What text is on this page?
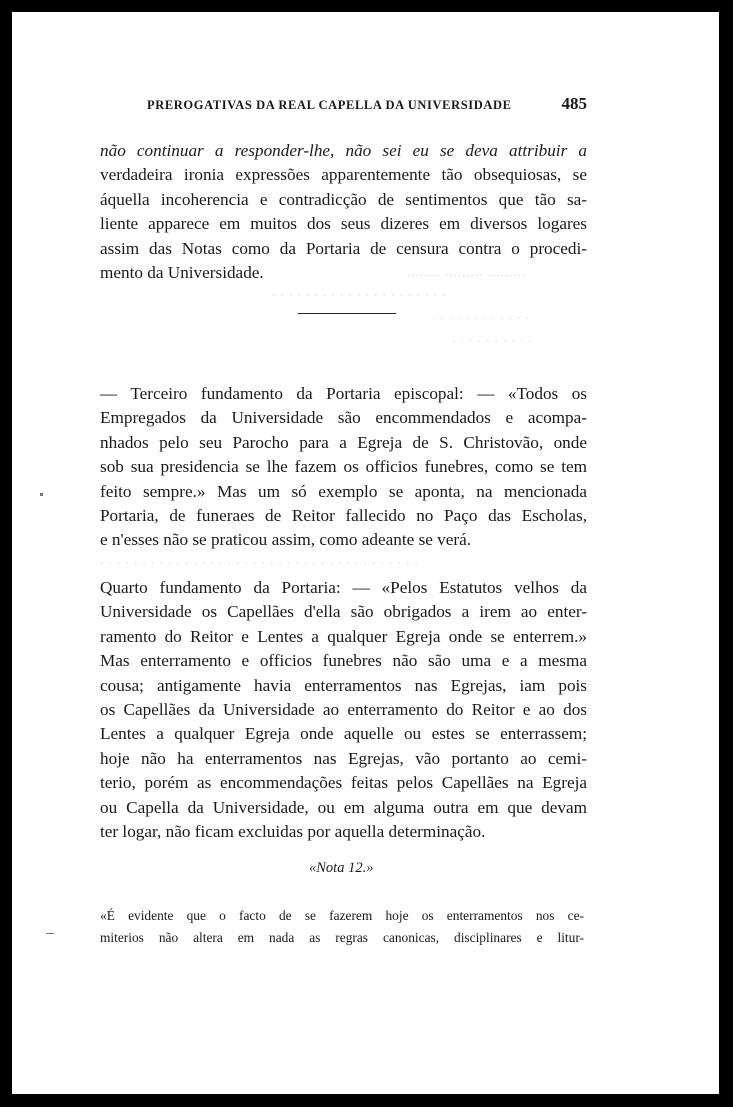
PREROGATIVAS DA REAL CAPELLA DA UNIVERSIDADE	485
........ ......... .........
. . . . . . . . . . . . . . . . . . . . .
. . . . . . . . . . . .
. . . . . . . . . .
. . . . . . . . . . . . . . . . . . . . . . . . . . . . . . . . . . . . . .

não continuar a responder-lhe, não sei eu se deva attribuir a
verdadeira ironia expressões apparentemente tão obsequiosas, se
áquella incoherencia e contradicção de sentimentos que tão sa-
liente apparece em muitos dos seus dizeres em diversos logares
assim das Notas como da Portaria de censura contra o procedi-
mento da Universidade.

— Terceiro fundamento da Portaria episcopal: — «Todos os
Empregados da Universidade são encommendados e acompa-
nhados pelo seu Parocho para a Egreja de S. Christovão, onde
sob sua presidencia se lhe fazem os officios funebres, como se tem
feito sempre.» Mas um só exemplo se aponta, na mencionada
Portaria, de funeraes de Reitor fallecido no Paço das Escholas,
e n'esses não se praticou assim, como adeante se verá.

Quarto fundamento da Portaria: — «Pelos Estatutos velhos da
Universidade os Capellães d'ella são obrigados a irem ao enter-
ramento do Reitor e Lentes a qualquer Egreja onde se enterrem.»
Mas enterramento e officios funebres não são uma e a mesma
cousa; antigamente havia enterramentos nas Egrejas, iam pois
os Capellães da Universidade ao enterramento do Reitor e ao dos
Lentes a qualquer Egreja onde aquelle ou estes se enterrassem;
hoje não ha enterramentos nas Egrejas, vão portanto ao cemi-
terio, porém as encommendações feitas pelos Capellães na Egreja
ou Capella da Universidade, ou em alguma outra em que devam
ter logar, não ficam excluidas por aquella determinação.

«Nota 12.»
«É evidente que o facto de se fazerem hoje os enterramentos nos ce-
miterios não altera em nada as regras canonicas, disciplinares e litur-
